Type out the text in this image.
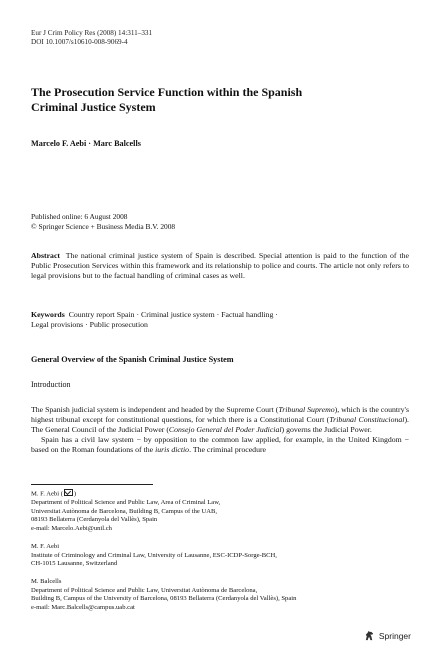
Eur J Crim Policy Res (2008) 14:311–331
DOI 10.1007/s10610-008-9069-4
The Prosecution Service Function within the Spanish
Criminal Justice System
Marcelo F. Aebi · Marc Balcells
Published online: 6 August 2008
© Springer Science + Business Media B.V. 2008
Abstract The national criminal justice system of Spain is described. Special attention is paid to the function of the Public Prosecution Services within this framework and its relationship to police and courts. The article not only refers to legal provisions but to the factual handling of criminal cases as well.
Keywords Country report Spain · Criminal justice system · Factual handling ·
Legal provisions · Public prosecution
General Overview of the Spanish Criminal Justice System
Introduction

The Spanish judicial system is independent and headed by the Supreme Court (Tribunal Supremo), which is the country's highest tribunal except for constitutional questions, for which there is a Constitutional Court (Tribunal Constitucional). The General Council of the Judicial Power (Consejo General del Poder Judicial) governs the Judicial Power.

Spain has a civil law system − by opposition to the common law applied, for example, in the United Kingdom − based on the Roman foundations of the iuris dictio. The criminal procedure

M. F. Aebi ( )
Department of Political Science and Public Law, Area of Criminal Law,
Universitat Autònoma de Barcelona, Building B, Campus of the UAB,
08193 Bellaterra (Cerdanyola del Vallès), Spain
e-mail: Marcelo.Aebi@unil.ch
M. F. Aebi
Institute of Criminology and Criminal Law, University of Lausanne, ESC-ICDP-Sorge-BCH,
CH-1015 Lausanne, Switzerland
M. Balcells
Department of Political Science and Public Law, Universitat Autònoma de Barcelona,
Building B, Campus of the University of Barcelona, 08193 Bellaterra (Cerdanyola del Vallès), Spain
e-mail: Marc.Balcells@campus.uab.cat
Springer
